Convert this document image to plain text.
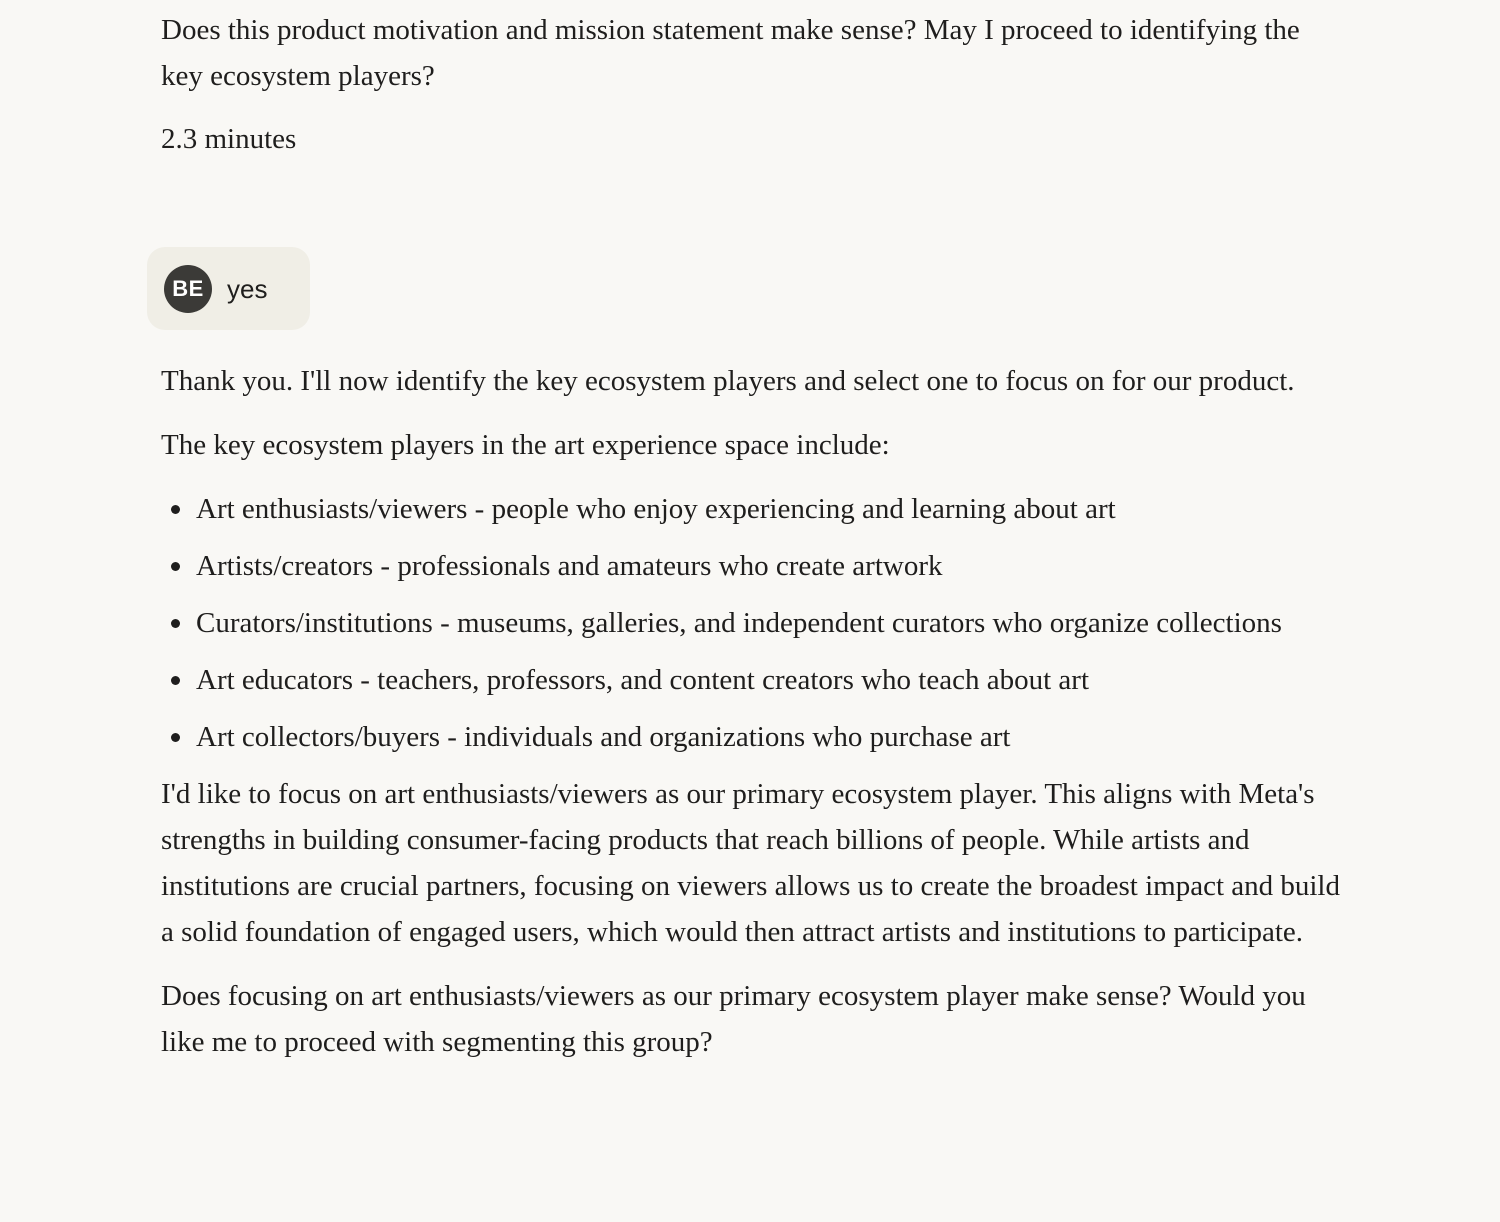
Does this product motivation and mission statement make sense? May I proceed to identifying the key ecosystem players?

2.3 minutes

BE yes

Thank you. I'll now identify the key ecosystem players and select one to focus on for our product.

The key ecosystem players in the art experience space include:

Art enthusiasts/viewers - people who enjoy experiencing and learning about art
Artists/creators - professionals and amateurs who create artwork
Curators/institutions - museums, galleries, and independent curators who organize collections
Art educators - teachers, professors, and content creators who teach about art
Art collectors/buyers - individuals and organizations who purchase art

I'd like to focus on art enthusiasts/viewers as our primary ecosystem player. This aligns with Meta's strengths in building consumer-facing products that reach billions of people. While artists and institutions are crucial partners, focusing on viewers allows us to create the broadest impact and build a solid foundation of engaged users, which would then attract artists and institutions to participate.

Does focusing on art enthusiasts/viewers as our primary ecosystem player make sense? Would you like me to proceed with segmenting this group?
